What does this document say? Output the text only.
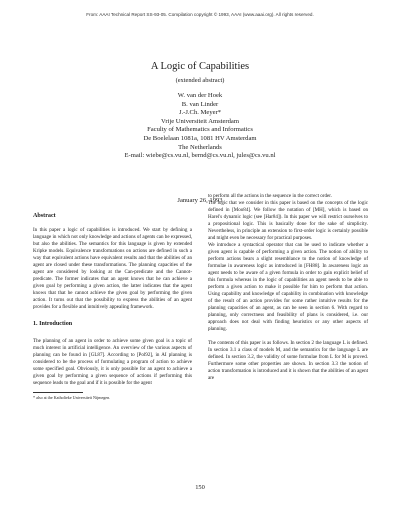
From: AAAI Technical Report SS-93-05. Compilation copyright © 1993, AAAI (www.aaai.org). All rights reserved.
A Logic of Capabilities
(extended abstract)
W. van der Hoek
B. van Linder
J.-J.Ch. Meyer*
Vrije Universiteit Amsterdam
Faculty of Mathematics and Informatics
De Boelelaan 1081a, 1081 HV Amsterdam
The Netherlands
E-mail: wiebe@cs.vu.nl, bernd@cs.vu.nl, jules@cs.vu.nl
January 26, 1993

Abstract

In this paper a logic of capabilities is introduced. We start by defining a language in which not only knowledge and actions of agents can be expressed, but also the abilities. The semantics for this language is given by extended Kripke models. Equivalence transformations on actions are defined in such a way that equivalent actions have equivalent results and that the abilities of an agent are closed under these transformations. The planning capacities of the agent are considered by looking at the Can-predicate and the Cannot-predicate. The former indicates that an agent knows that he can achieve a given goal by performing a given action, the latter indicates that the agent knows that that he cannot achieve the given goal by performing the given action. It turns out that the possibility to express the abilities of an agent provides for a flexible and intuitively appealing framework.

1. Introduction

The planning of an agent in order to achieve some given goal is a topic of much interest in artificial intelligence. An overview of the various aspects of planning can be found in [GL87]. According to [Pol92], in AI planning is considered to be the process of formulating a program of action to achieve some specified goal. Obviously, it is only possible for an agent to achieve a given goal by performing a given sequence of actions if performing this sequence leads to the goal and if it is possible for the agent

* also at the Katholieke Universiteit Nijmegen.

to perform all the actions in the sequence in the correct order.

The logic that we consider in this paper is based on the concepts of the logic defined in [Moo84]. We follow the notation of [MH], which is based on Harel's dynamic logic (see [Har84]). In this paper we will restrict ourselves to a propositional logic. This is basically done for the sake of simplicity. Nevertheless, in principle an extension to first-order logic is certainly possible and might even be necessary for practical purposes.

We introduce a syntactical operator that can be used to indicate whether a given agent is capable of performing a given action. The notion of ability to perform actions bears a slight resemblance to the notion of knowledge of formulae in awareness logic as introduced in [FH88]. In awareness logic an agent needs to be aware of a given formula in order to gain explicit belief of this formula whereas in the logic of capabilities an agent needs to be able to perform a given action to make it possible for him to perform that action. Using capability and knowledge of capability in combination with knowledge of the result of an action provides for some rather intuitive results for the planning capacities of an agent, as can be seen in section 6. With regard to planning, only correctness and feasibility of plans is considered, i.e. our approach does not deal with finding heuristics or any other aspects of planning.

The contents of this paper is as follows. In section 2 the language L is defined. In section 3.1 a class of models M, and the semantics for the language L are defined. In section 3.2, the validity of some formulae from L for M is proved. Furthermore some other properties are shown. In section 3.3 the notion of action transformation is introduced and it is shown that the abilities of an agent are

150
